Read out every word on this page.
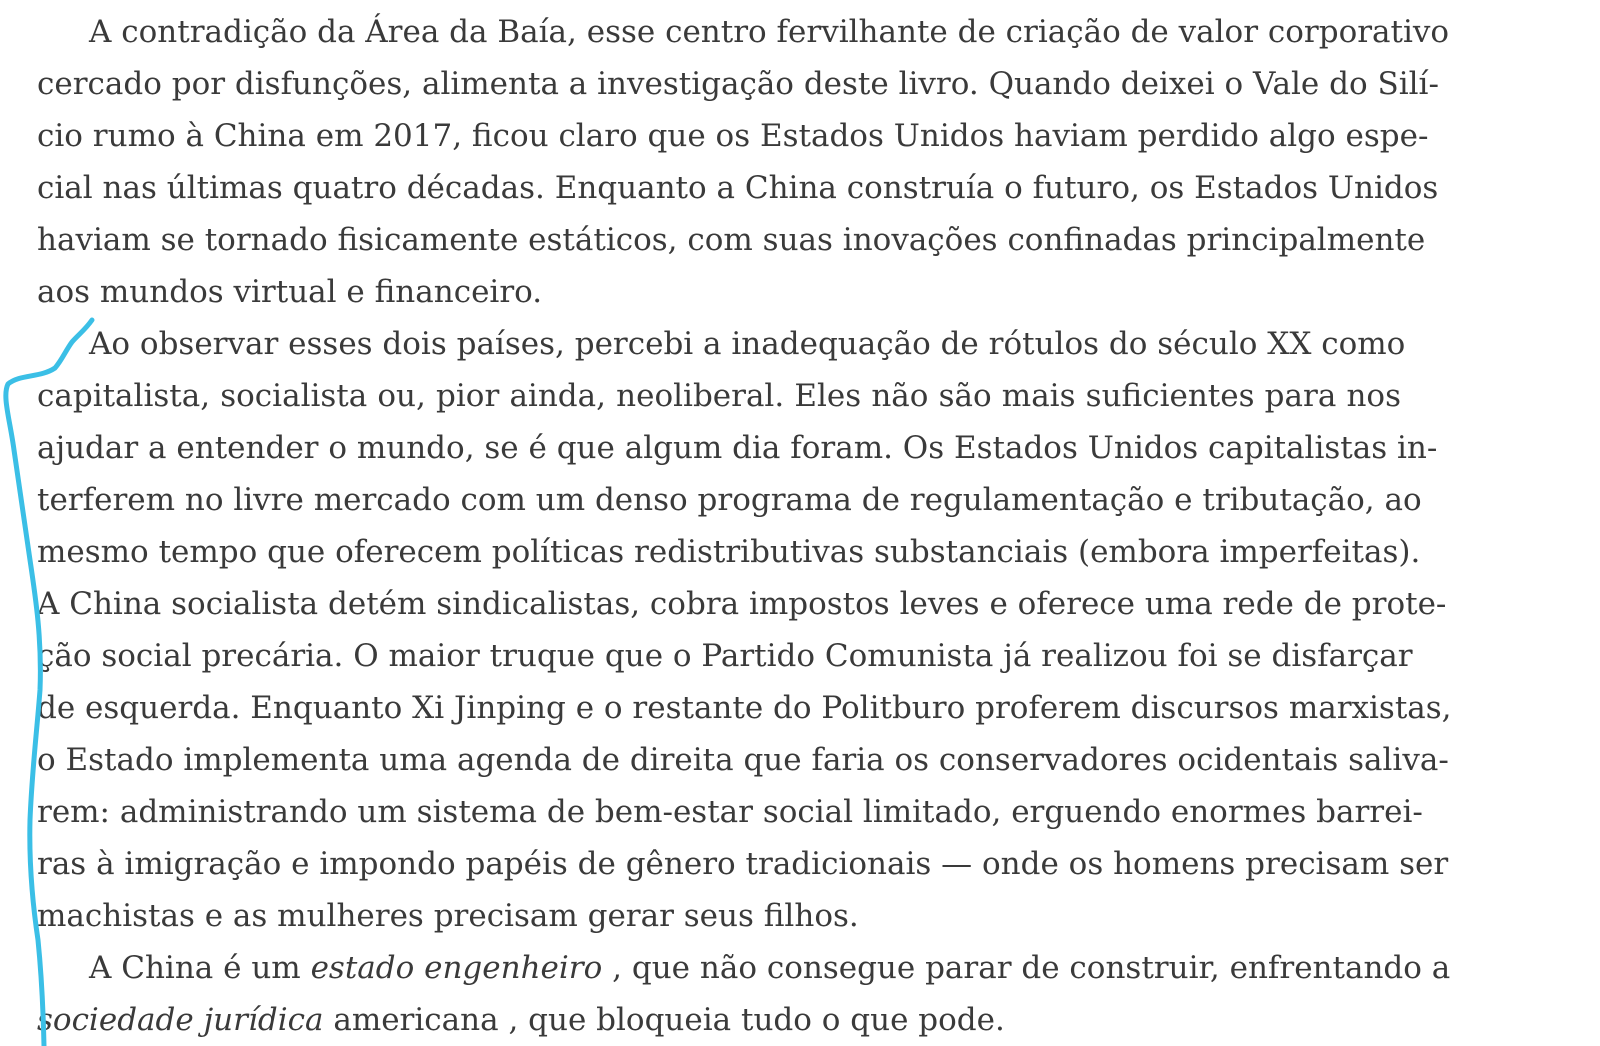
A contradição da Área da Baía, esse centro fervilhante de criação de valor corporativo
cercado por disfunções, alimenta a investigação deste livro. Quando deixei o Vale do Silí-
cio rumo à China em 2017, ficou claro que os Estados Unidos haviam perdido algo espe-
cial nas últimas quatro décadas. Enquanto a China construía o futuro, os Estados Unidos
haviam se tornado fisicamente estáticos, com suas inovações confinadas principalmente
aos mundos virtual e financeiro.
Ao observar esses dois países, percebi a inadequação de rótulos do século XX como
capitalista, socialista ou, pior ainda, neoliberal. Eles não são mais suficientes para nos
ajudar a entender o mundo, se é que algum dia foram. Os Estados Unidos capitalistas in-
terferem no livre mercado com um denso programa de regulamentação e tributação, ao
mesmo tempo que oferecem políticas redistributivas substanciais (embora imperfeitas).
A China socialista detém sindicalistas, cobra impostos leves e oferece uma rede de prote-
ção social precária. O maior truque que o Partido Comunista já realizou foi se disfarçar
de esquerda. Enquanto Xi Jinping e o restante do Politburo proferem discursos marxistas,
o Estado implementa uma agenda de direita que faria os conservadores ocidentais saliva-
rem: administrando um sistema de bem-estar social limitado, erguendo enormes barrei-
ras à imigração e impondo papéis de gênero tradicionais — onde os homens precisam ser
machistas e as mulheres precisam gerar seus filhos.
A China é um estado engenheiro , que não consegue parar de construir, enfrentando a
sociedade jurídica americana , que bloqueia tudo o que pode.
